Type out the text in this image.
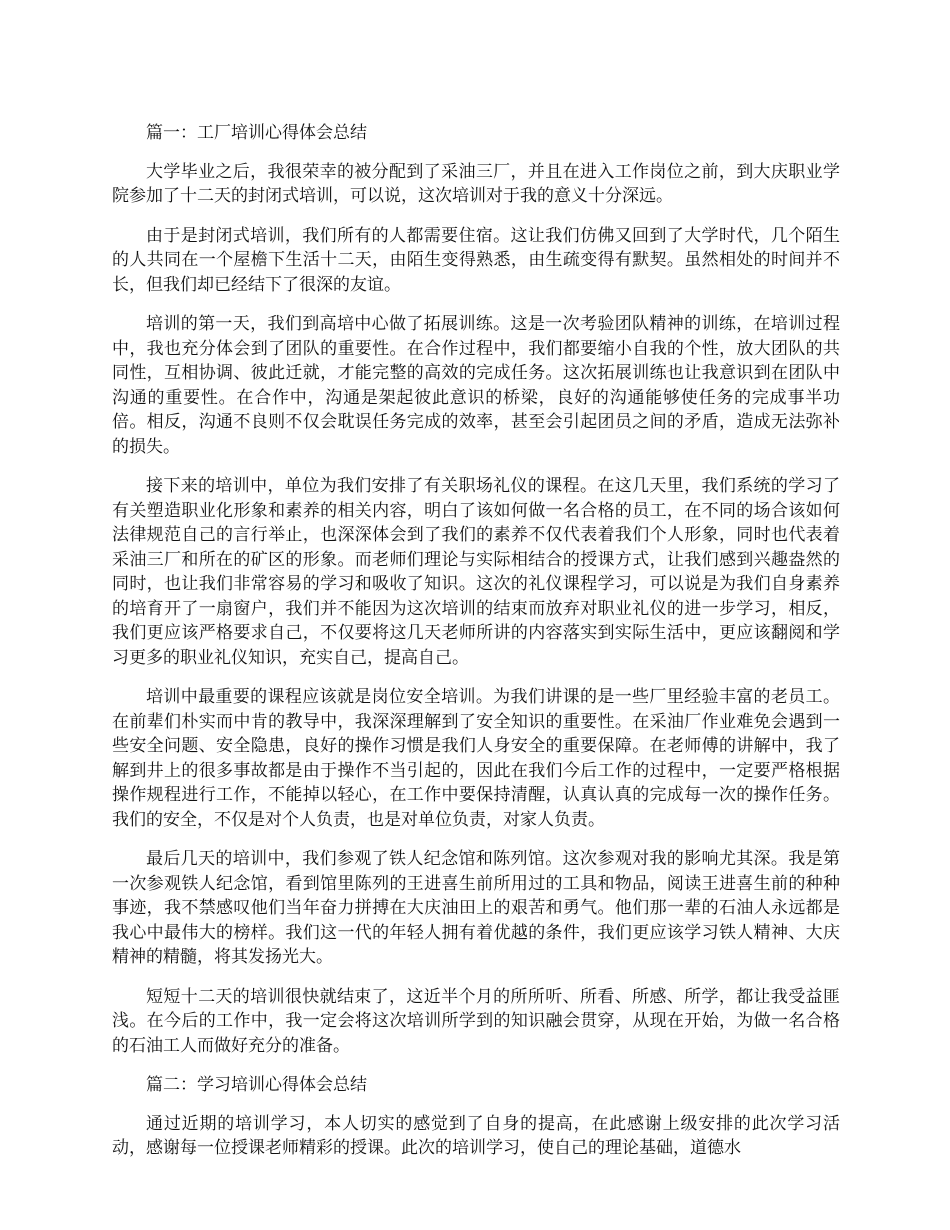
篇一：工厂培训心得体会总结

大学毕业之后，我很荣幸的被分配到了采油三厂，并且在进入工作岗位之前，到大庆职业学院参加了十二天的封闭式培训，可以说，这次培训对于我的意义十分深远。

由于是封闭式培训，我们所有的人都需要住宿。这让我们仿佛又回到了大学时代，几个陌生的人共同在一个屋檐下生活十二天，由陌生变得熟悉，由生疏变得有默契。虽然相处的时间并不长，但我们却已经结下了很深的友谊。

培训的第一天，我们到高培中心做了拓展训练。这是一次考验团队精神的训练，在培训过程中，我也充分体会到了团队的重要性。在合作过程中，我们都要缩小自我的个性，放大团队的共同性，互相协调、彼此迁就，才能完整的高效的完成任务。这次拓展训练也让我意识到在团队中沟通的重要性。在合作中，沟通是架起彼此意识的桥梁，良好的沟通能够使任务的完成事半功倍。相反，沟通不良则不仅会耽误任务完成的效率，甚至会引起团员之间的矛盾，造成无法弥补的损失。

接下来的培训中，单位为我们安排了有关职场礼仪的课程。在这几天里，我们系统的学习了有关塑造职业化形象和素养的相关内容，明白了该如何做一名合格的员工，在不同的场合该如何法律规范自己的言行举止，也深深体会到了我们的素养不仅代表着我们个人形象，同时也代表着采油三厂和所在的矿区的形象。而老师们理论与实际相结合的授课方式，让我们感到兴趣盎然的同时，也让我们非常容易的学习和吸收了知识。这次的礼仪课程学习，可以说是为我们自身素养的培育开了一扇窗户，我们并不能因为这次培训的结束而放弃对职业礼仪的进一步学习，相反，我们更应该严格要求自己，不仅要将这几天老师所讲的内容落实到实际生活中，更应该翻阅和学习更多的职业礼仪知识，充实自己，提高自己。

培训中最重要的课程应该就是岗位安全培训。为我们讲课的是一些厂里经验丰富的老员工。在前辈们朴实而中肯的教导中，我深深理解到了安全知识的重要性。在采油厂作业难免会遇到一些安全问题、安全隐患，良好的操作习惯是我们人身安全的重要保障。在老师傅的讲解中，我了解到井上的很多事故都是由于操作不当引起的，因此在我们今后工作的过程中，一定要严格根据操作规程进行工作，不能掉以轻心，在工作中要保持清醒，认真认真的完成每一次的操作任务。我们的安全，不仅是对个人负责，也是对单位负责，对家人负责。

最后几天的培训中，我们参观了铁人纪念馆和陈列馆。这次参观对我的影响尤其深。我是第一次参观铁人纪念馆，看到馆里陈列的王进喜生前所用过的工具和物品，阅读王进喜生前的种种事迹，我不禁感叹他们当年奋力拼搏在大庆油田上的艰苦和勇气。他们那一辈的石油人永远都是我心中最伟大的榜样。我们这一代的年轻人拥有着优越的条件，我们更应该学习铁人精神、大庆精神的精髓，将其发扬光大。

短短十二天的培训很快就结束了，这近半个月的所所听、所看、所感、所学，都让我受益匪浅。在今后的工作中，我一定会将这次培训所学到的知识融会贯穿，从现在开始，为做一名合格的石油工人而做好充分的准备。

篇二：学习培训心得体会总结

通过近期的培训学习，本人切实的感觉到了自身的提高，在此感谢上级安排的此次学习活动，感谢每一位授课老师精彩的授课。此次的培训学习，使自己的理论基础，道德水
